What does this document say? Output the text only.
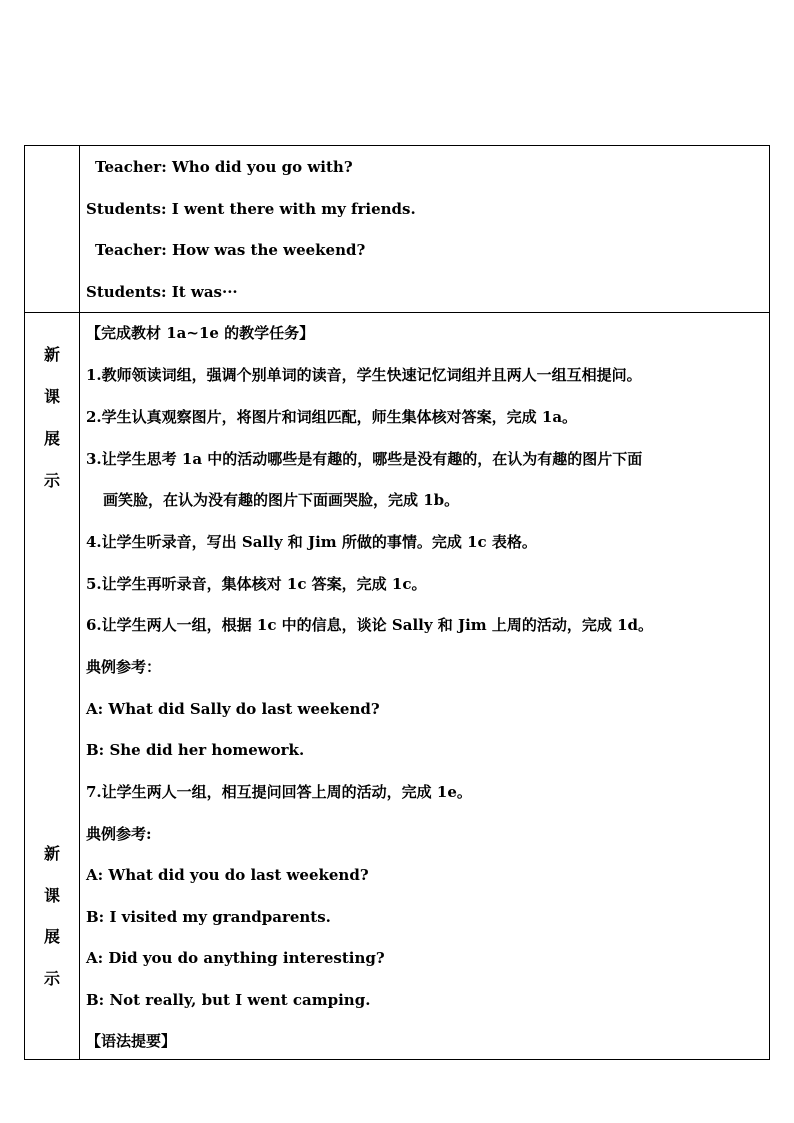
Teacher: Who did you go with?
Students: I went there with my friends.
Teacher: How was the weekend?
Students: It was···
新
课
展
示
新
课
展
示
【完成教材 1a~1e 的教学任务】
1.教师领读词组，强调个别单词的读音，学生快速记忆词组并且两人一组互相提问。
2.学生认真观察图片，将图片和词组匹配，师生集体核对答案，完成 1a。
3.让学生思考 1a 中的活动哪些是有趣的，哪些是没有趣的，在认为有趣的图片下面
画笑脸，在认为没有趣的图片下面画哭脸，完成 1b。
4.让学生听录音，写出 Sally 和 Jim 所做的事情。完成 1c 表格。
5.让学生再听录音，集体核对 1c 答案，完成 1c。
6.让学生两人一组，根据 1c 中的信息，谈论 Sally 和 Jim 上周的活动，完成 1d。
典例参考：
A: What did Sally do last weekend?
B: She did her homework.
7.让学生两人一组，相互提问回答上周的活动，完成 1e。
典例参考:
A: What did you do last weekend?
B: I visited my grandparents.
A: Did you do anything interesting?
B: Not really, but I went camping.
【语法提要】
